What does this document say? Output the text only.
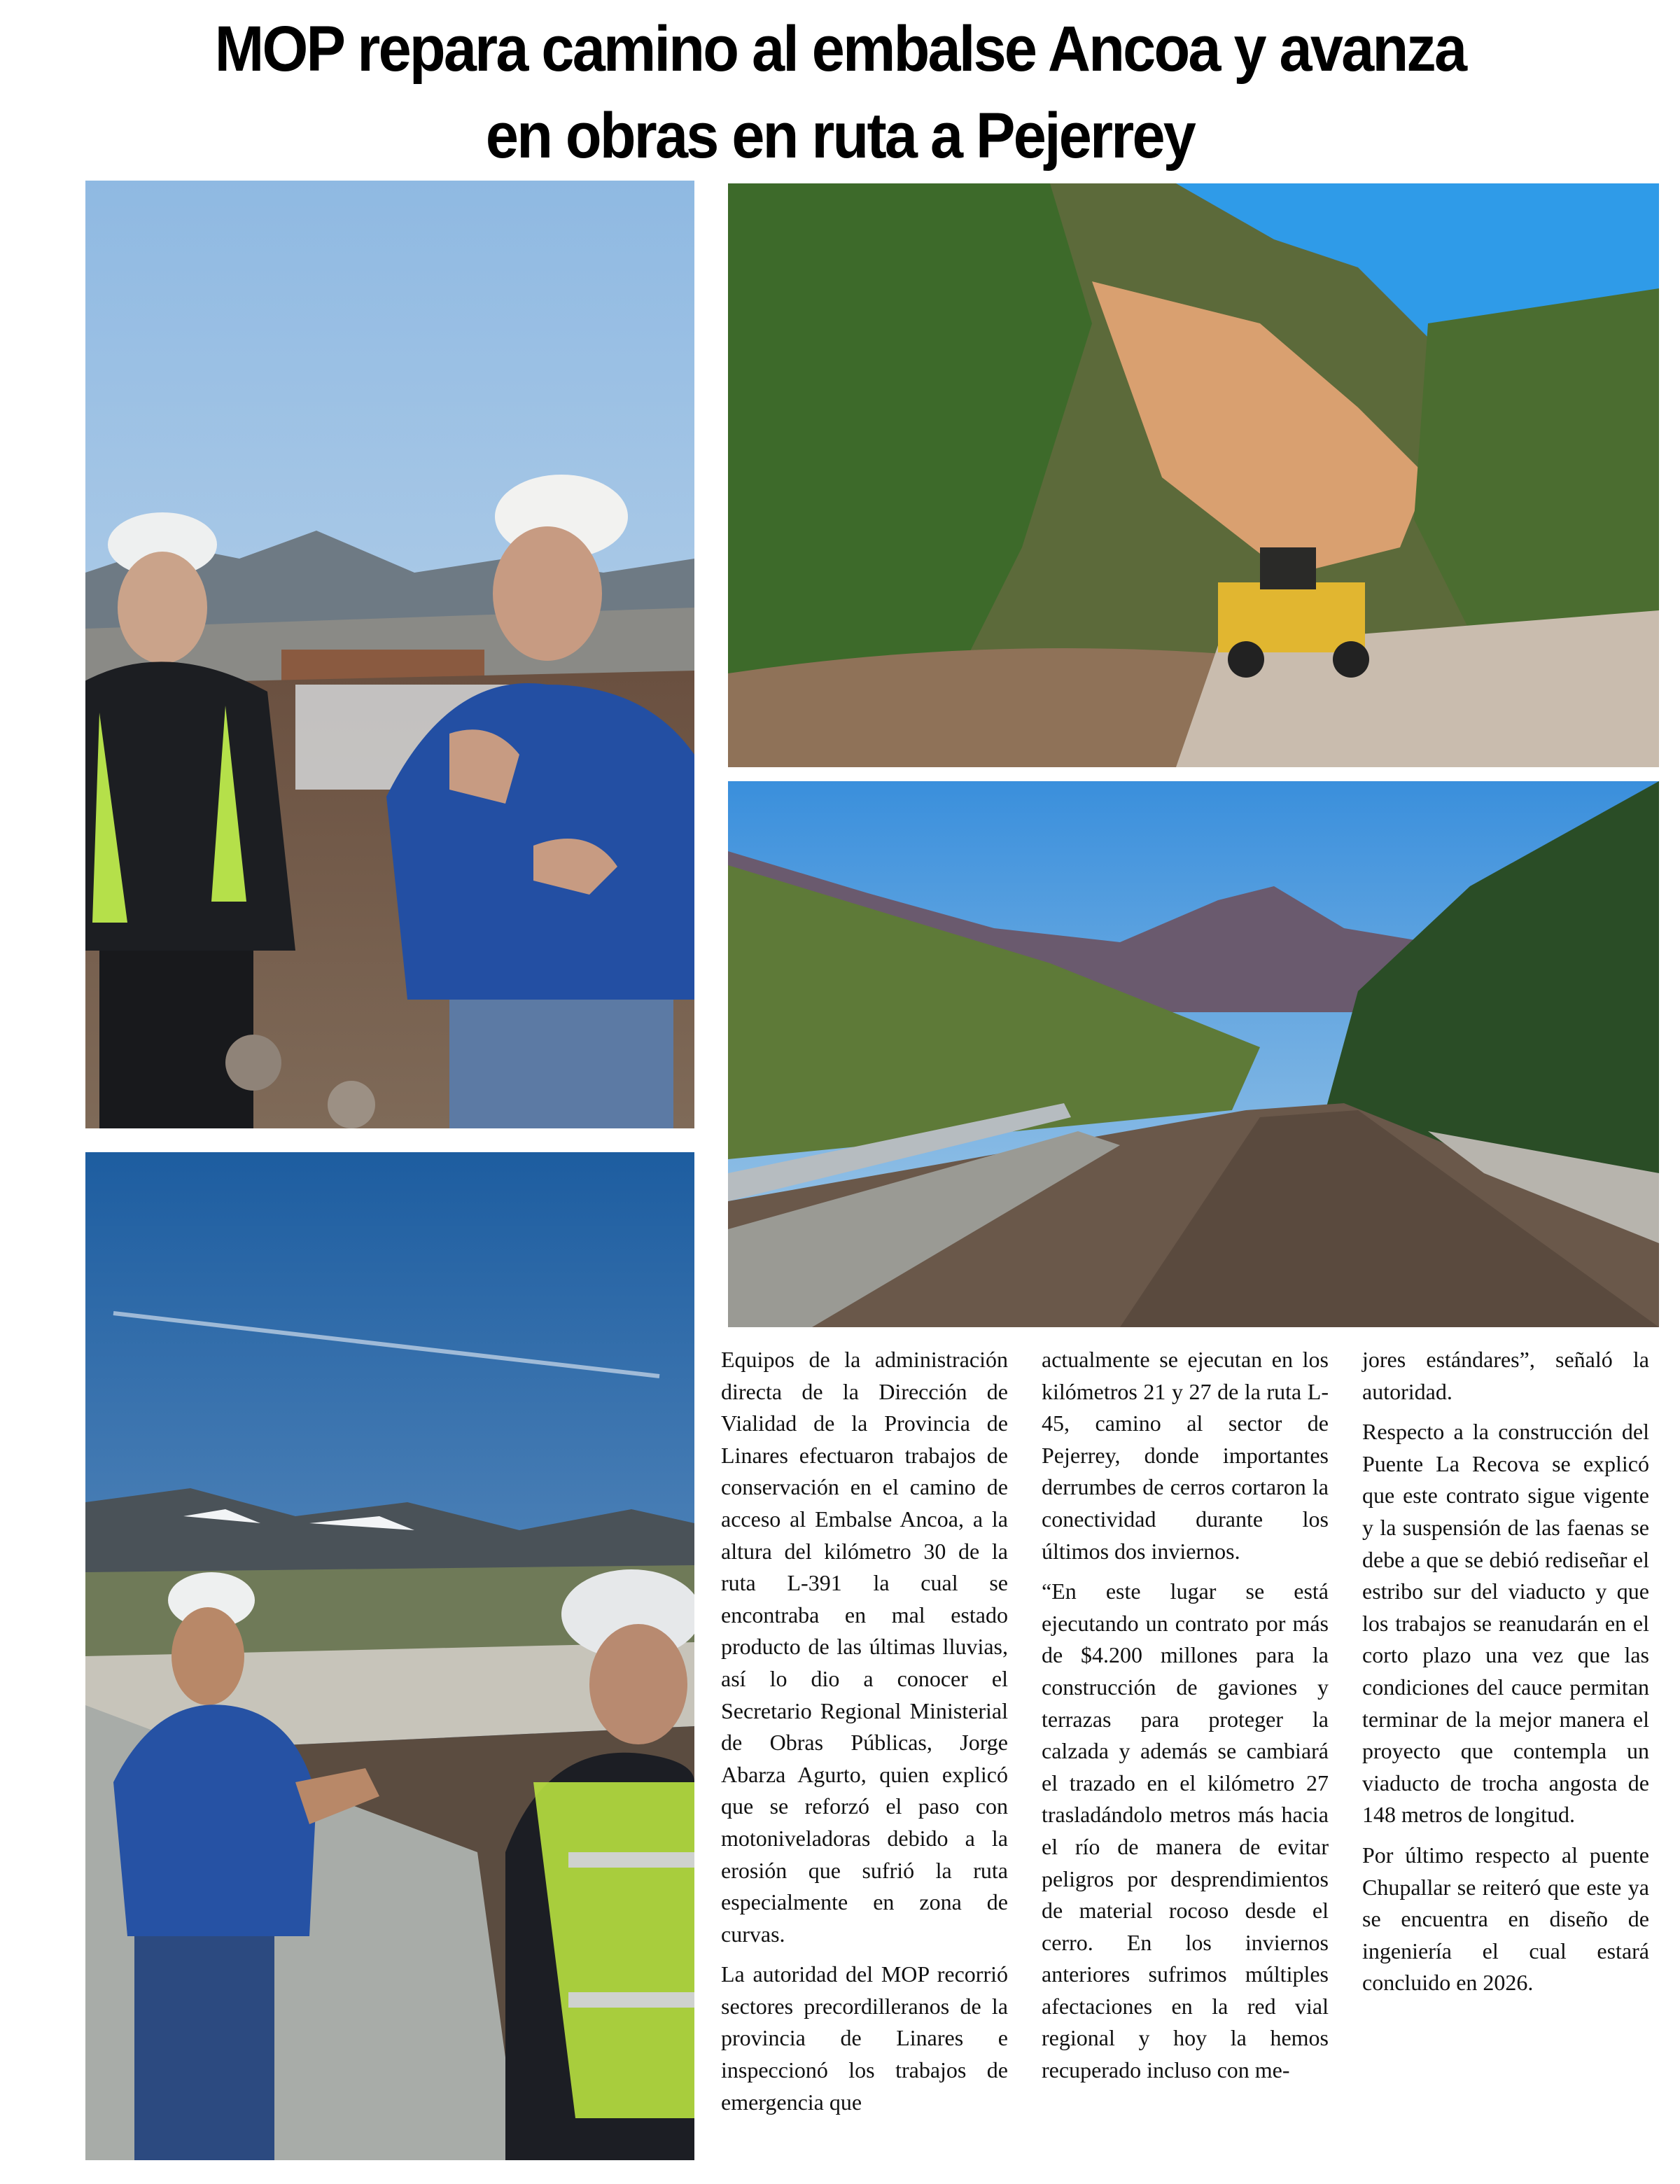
MOP repara camino al embalse Ancoa y avanza
en obras en ruta a Pejerrey

Equipos de la administración directa de la Dirección de Vialidad de la Provincia de Linares efectuaron trabajos de conservación en el camino de acceso al Embalse Ancoa, a la altura del kilómetro 30 de la ruta L-391 la cual se encontraba en mal estado producto de las últimas lluvias, así lo dio a conocer el Secretario Regional Ministerial de Obras Públicas, Jorge Abarza Agurto, quien explicó que se reforzó el paso con motoniveladoras debido a la erosión que sufrió la ruta especialmente en zona de curvas.

La autoridad del MOP recorrió sectores precordilleranos de la provincia de Linares e inspeccionó los trabajos de emergencia que

actualmente se ejecutan en los kilómetros 21 y 27 de la ruta L-45, camino al sector de Pejerrey, donde importantes derrumbes de cerros cortaron la conectividad durante los últimos dos inviernos.

“En este lugar se está ejecutando un contrato por más de $4.200 millones para la construcción de gaviones y terrazas para proteger la calzada y además se cambiará el trazado en el kilómetro 27 trasladándolo metros más hacia el río de manera de evitar peligros por desprendimientos de material rocoso desde el cerro. En los inviernos anteriores sufrimos múltiples afectaciones en la red vial regional y hoy la hemos recuperado incluso con me-

jores estándares”, señaló la autoridad.

Respecto a la construcción del Puente La Recova se explicó que este contrato sigue vigente y la suspensión de las faenas se debe a que se debió rediseñar el estribo sur del viaducto y que los trabajos se reanudarán en el corto plazo una vez que las condiciones del cauce permitan terminar de la mejor manera el proyecto que contempla un viaducto de trocha angosta de 148 metros de longitud.

Por último respecto al puente Chupallar se reiteró que este ya se encuentra en diseño de ingeniería el cual estará concluido en 2026.
